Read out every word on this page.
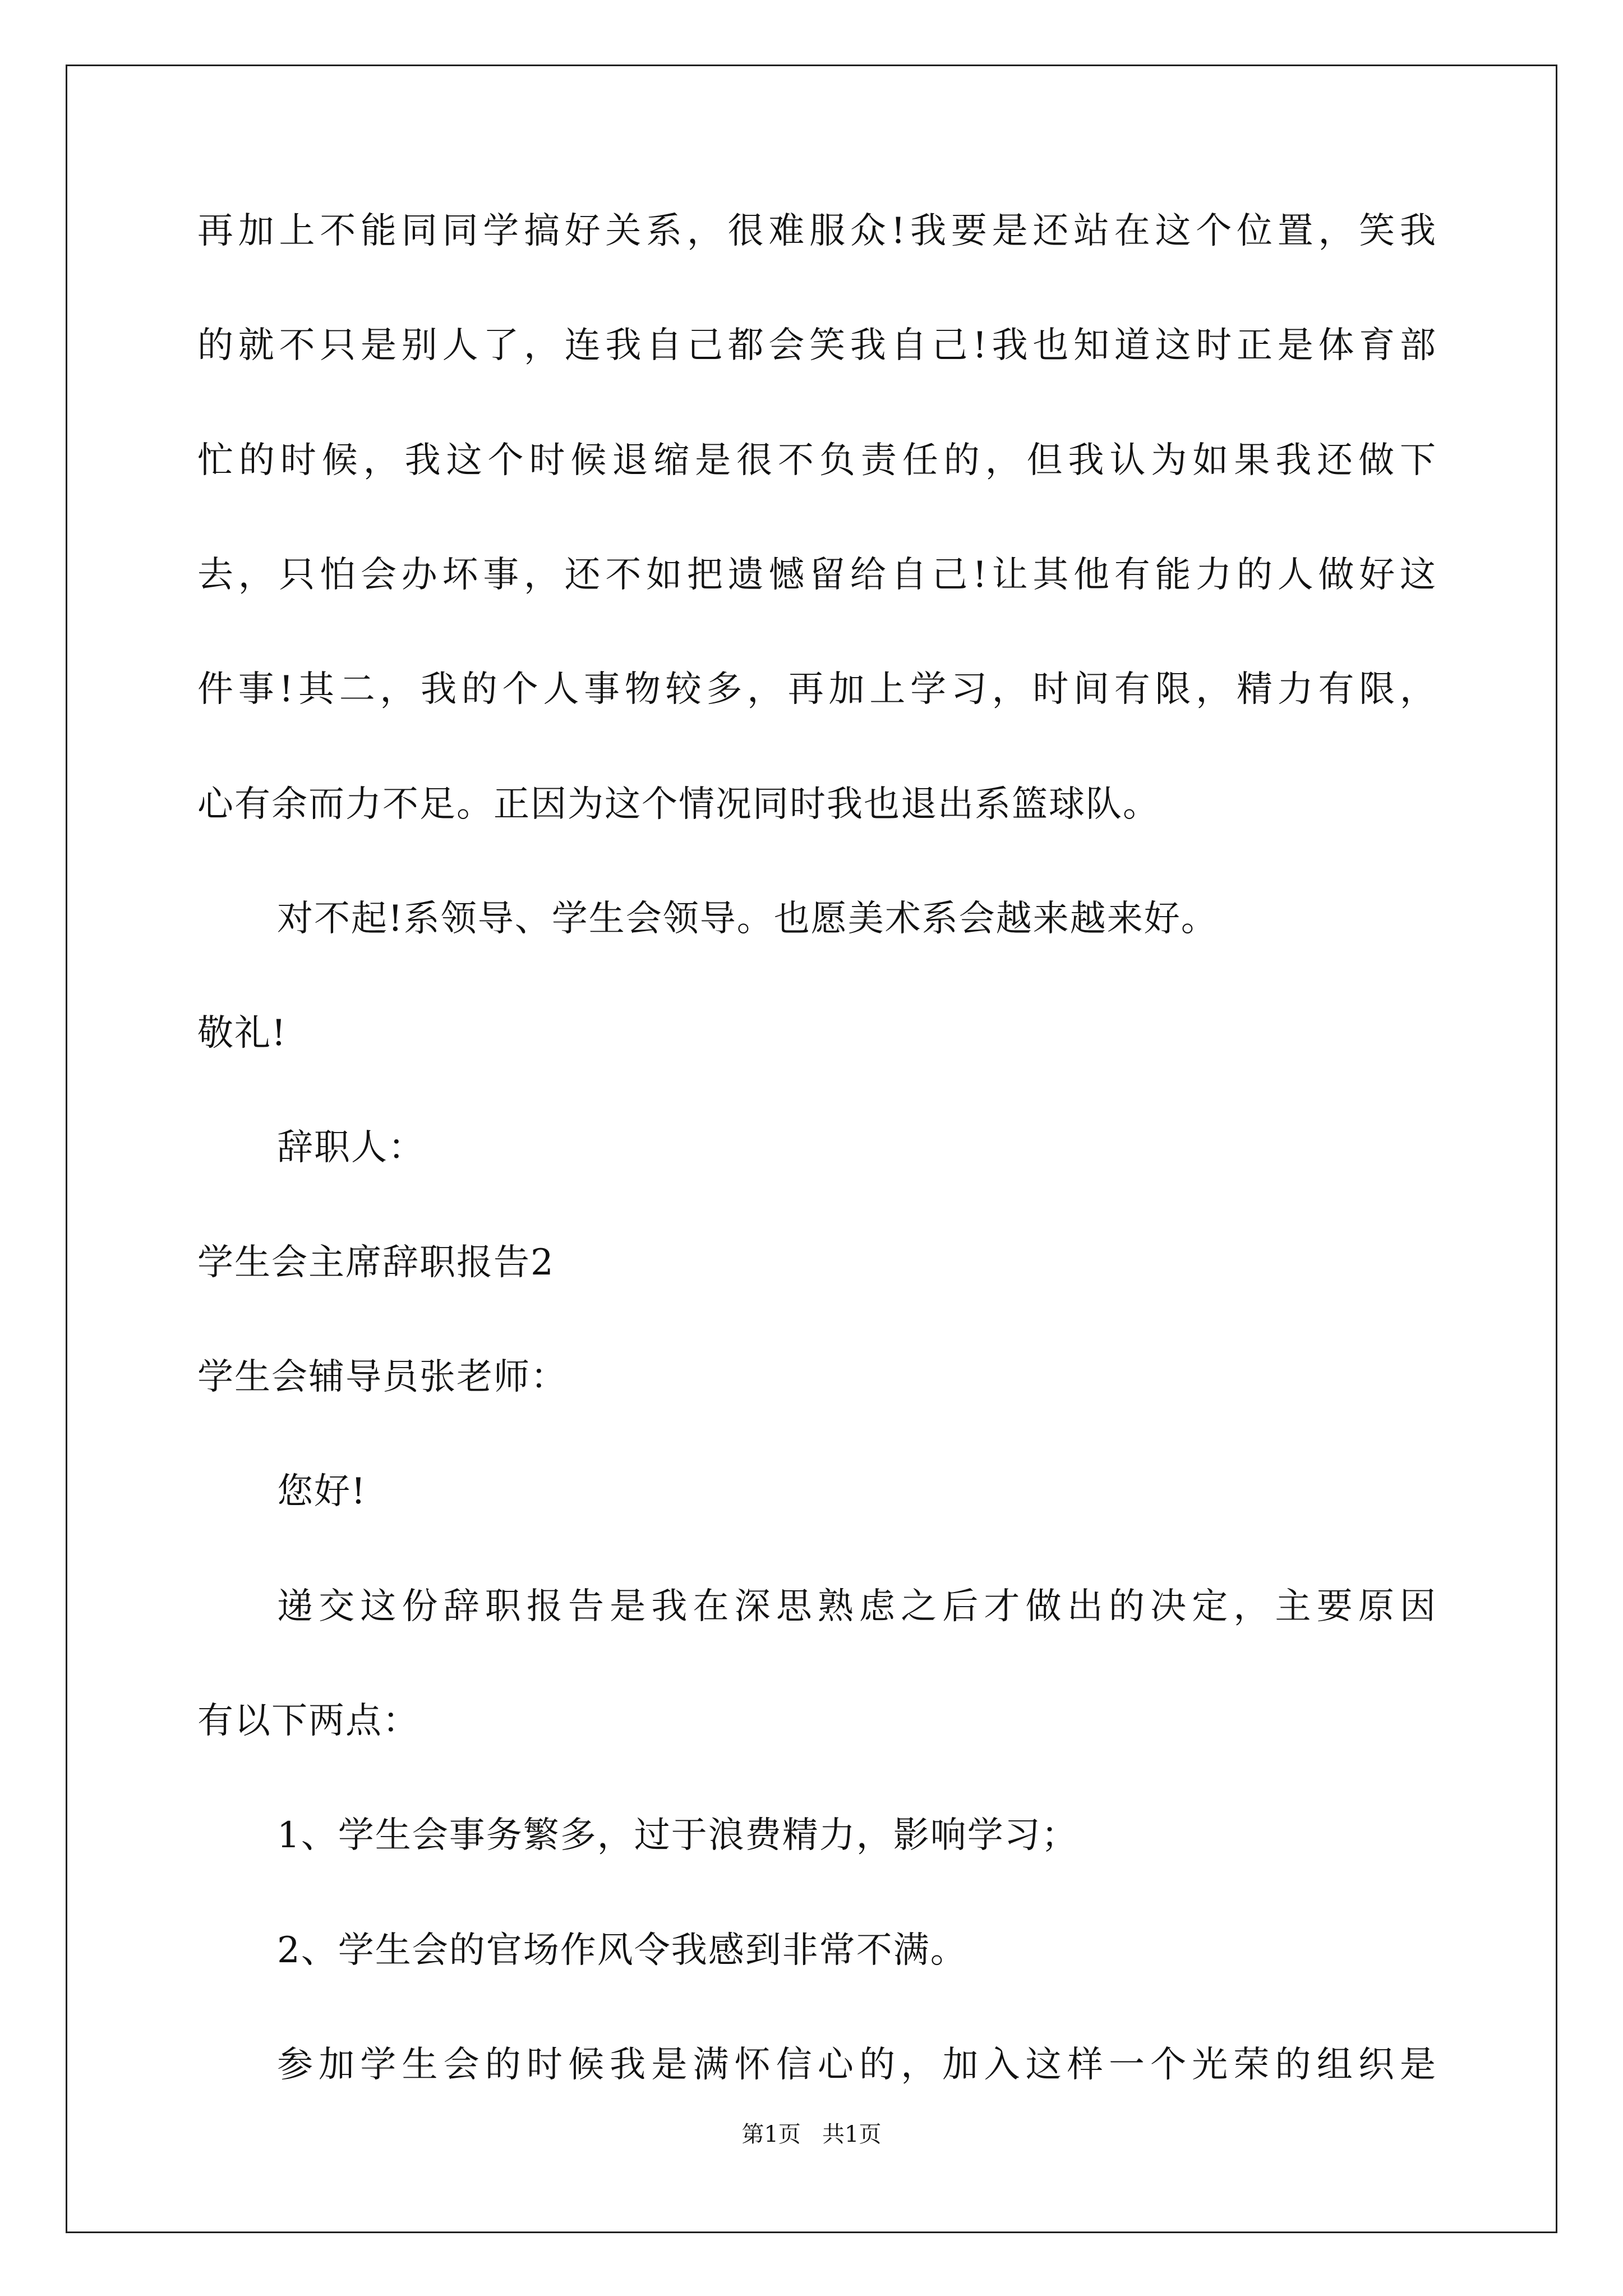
再加上不能同同学搞好关系，很难服众!我要是还站在这个位置，笑我
的就不只是别人了，连我自己都会笑我自己!我也知道这时正是体育部
忙的时候，我这个时候退缩是很不负责任的，但我认为如果我还做下
去，只怕会办坏事，还不如把遗憾留给自己!让其他有能力的人做好这
件事!其二，我的个人事物较多，再加上学习，时间有限，精力有限，
心有余而力不足。正因为这个情况同时我也退出系篮球队。
对不起!系领导、学生会领导。也愿美术系会越来越来好。
敬礼!
辞职人：
学生会主席辞职报告2
学生会辅导员张老师：
您好!
递交这份辞职报告是我在深思熟虑之后才做出的决定，主要原因
有以下两点：
1、学生会事务繁多，过于浪费精力，影响学习；
第1页   共1页
2、学生会的官场作风令我感到非常不满。
参加学生会的时候我是满怀信心的，加入这样一个光荣的组织是
